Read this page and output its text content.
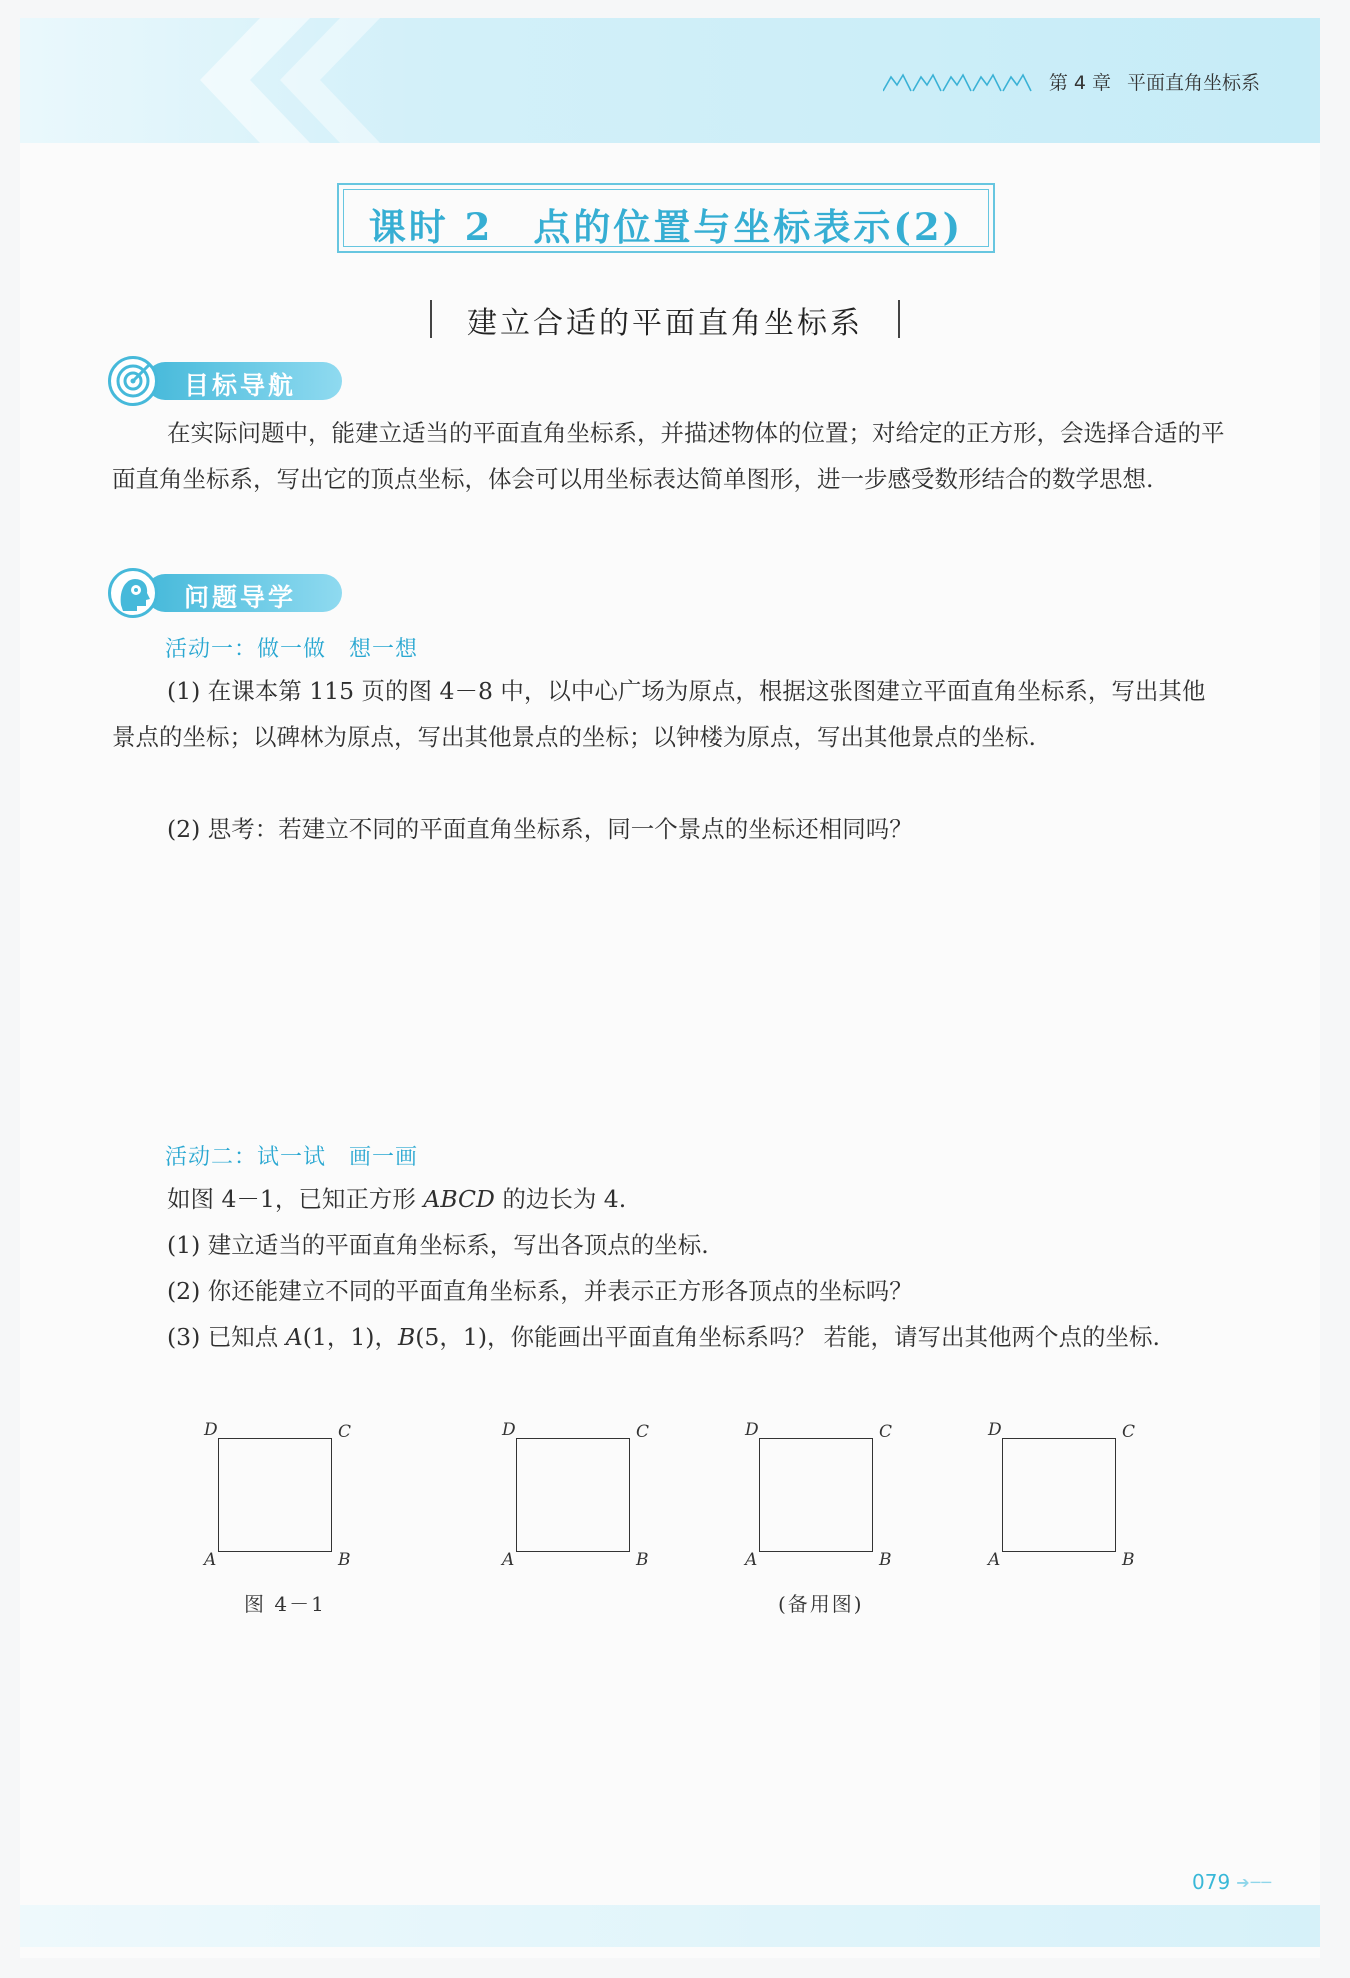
第 4 章 平面直角坐标系
课时 2　点的位置与坐标表示(2)
建立合适的平面直角坐标系
目标导航

在实际问题中，能建立适当的平面直角坐标系，并描述物体的位置；对给定的正方形，会选择合适的平面直角坐标系，写出它的顶点坐标，体会可以用坐标表达简单图形，进一步感受数形结合的数学思想.

问题导学
活动一：做一做　想一想
(1) 在课本第 115 页的图 4－8 中，以中心广场为原点，根据这张图建立平面直角坐标系，写出其他景点的坐标；以碑林为原点，写出其他景点的坐标；以钟楼为原点，写出其他景点的坐标.
(2) 思考：若建立不同的平面直角坐标系，同一个景点的坐标还相同吗？
活动二：试一试　画一画
如图 4－1，已知正方形 ABCD 的边长为 4.
(1) 建立适当的平面直角坐标系，写出各顶点的坐标.
(2) 你还能建立不同的平面直角坐标系，并表示正方形各顶点的坐标吗？
(3) 已知点 A(1，1)，B(5，1)，你能画出平面直角坐标系吗？ 若能，请写出其他两个点的坐标.
D	C
A	B
D	C
A	B
D	C
A	B
D	C
A	B
图 4－1	(备用图)
079 ➔ ─ ─
